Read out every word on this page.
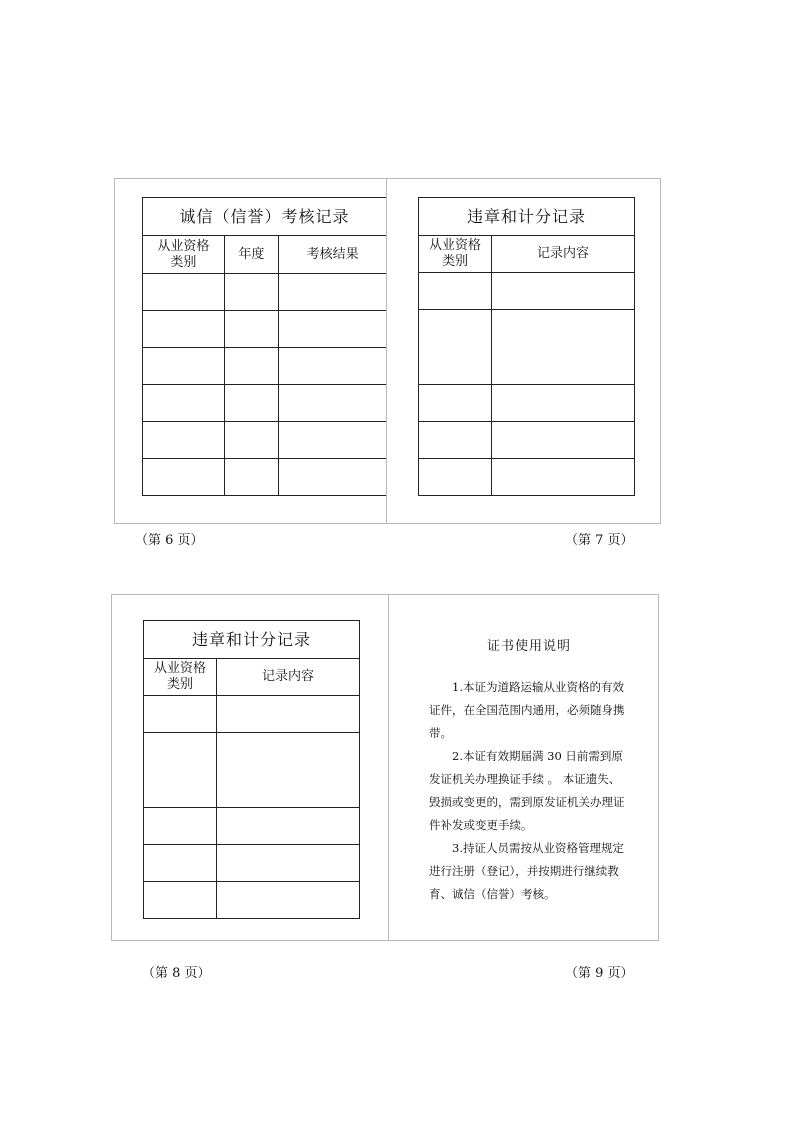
诚信（信誉）考核记录		
从业资格
类别	年度	考核结果

违章和计分记录	
从业资格
类别	记录内容

（第 6 页）	（第 7 页）
违章和计分记录	
从业资格
类别	记录内容

证书使用说明

1.本证为道路运输从业资格的有效证件，在全国范围内通用，必须随身携带。

2.本证有效期届满 30 日前需到原发证机关办理换证手续 。 本证遗失、毁损或变更的，需到原发证机关办理证件补发或变更手续。

3.持证人员需按从业资格管理规定进行注册（登记），并按期进行继续教育、诚信（信誉）考核。

（第 8 页）	（第 9 页）
